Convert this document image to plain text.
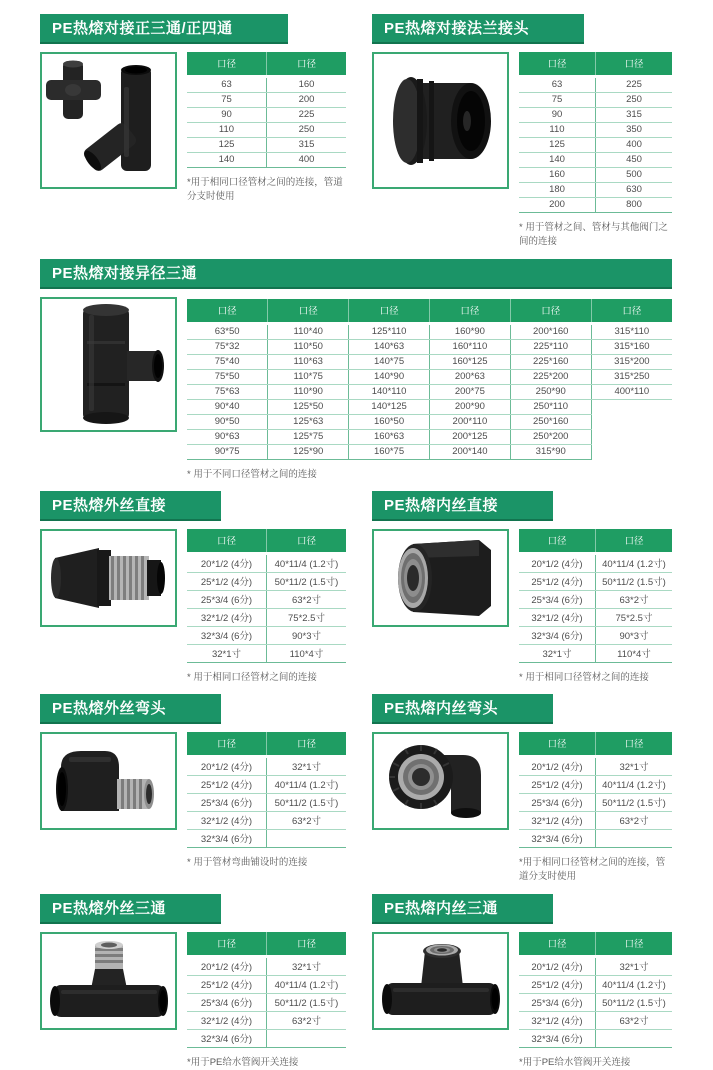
PE热熔对接正三通/正四通
口径	口径
63	160
75	200
90	225
110	250
125	315
140	400

*用于相同口径管材之间的连接，管道分支时使用

PE热熔对接法兰接头
口径	口径
63	225
75	250
90	315
110	350
125	400
140	450
160	500
180	630
200	800

* 用于管材之间、管材与其他阀门之间的连接

PE热熔对接异径三通
口径	口径	口径	口径	口径	口径
63*50	110*40	125*110	160*90	200*160	315*110
75*32	110*50	140*63	160*110	225*110	315*160
75*40	110*63	140*75	160*125	225*160	315*200
75*50	110*75	140*90	200*63	225*200	315*250
75*63	110*90	140*110	200*75	250*90	400*110
90*40	125*50	140*125	200*90	250*110	
90*50	125*63	160*50	200*110	250*160	
90*63	125*75	160*63	200*125	250*200	
90*75	125*90	160*75	200*140	315*90	

* 用于不同口径管材之间的连接

PE热熔外丝直接
口径	口径
20*1/2 (4分)	40*11/4 (1.2寸)
25*1/2 (4分)	50*11/2 (1.5寸)
25*3/4 (6分)	63*2寸
32*1/2 (4分)	75*2.5寸
32*3/4 (6分)	90*3寸
32*1寸	110*4寸

* 用于相同口径管材之间的连接

PE热熔内丝直接
口径	口径
20*1/2 (4分)	40*11/4 (1.2寸)
25*1/2 (4分)	50*11/2 (1.5寸)
25*3/4 (6分)	63*2寸
32*1/2 (4分)	75*2.5寸
32*3/4 (6分)	90*3寸
32*1寸	110*4寸

* 用于相同口径管材之间的连接

PE热熔外丝弯头
口径	口径
20*1/2 (4分)	32*1寸
25*1/2 (4分)	40*11/4 (1.2寸)
25*3/4 (6分)	50*11/2 (1.5寸)
32*1/2 (4分)	63*2寸
32*3/4 (6分)	

* 用于管材弯曲铺设时的连接

PE热熔内丝弯头
口径	口径
20*1/2 (4分)	32*1寸
25*1/2 (4分)	40*11/4 (1.2寸)
25*3/4 (6分)	50*11/2 (1.5寸)
32*1/2 (4分)	63*2寸
32*3/4 (6分)	

*用于相同口径管材之间的连接，管道分支时使用

PE热熔外丝三通
口径	口径
20*1/2 (4分)	32*1寸
25*1/2 (4分)	40*11/4 (1.2寸)
25*3/4 (6分)	50*11/2 (1.5寸)
32*1/2 (4分)	63*2寸
32*3/4 (6分)	

*用于PE给水管阀开关连接

PE热熔内丝三通
口径	口径
20*1/2 (4分)	32*1寸
25*1/2 (4分)	40*11/4 (1.2寸)
25*3/4 (6分)	50*11/2 (1.5寸)
32*1/2 (4分)	63*2寸
32*3/4 (6分)	

*用于PE给水管阀开关连接
